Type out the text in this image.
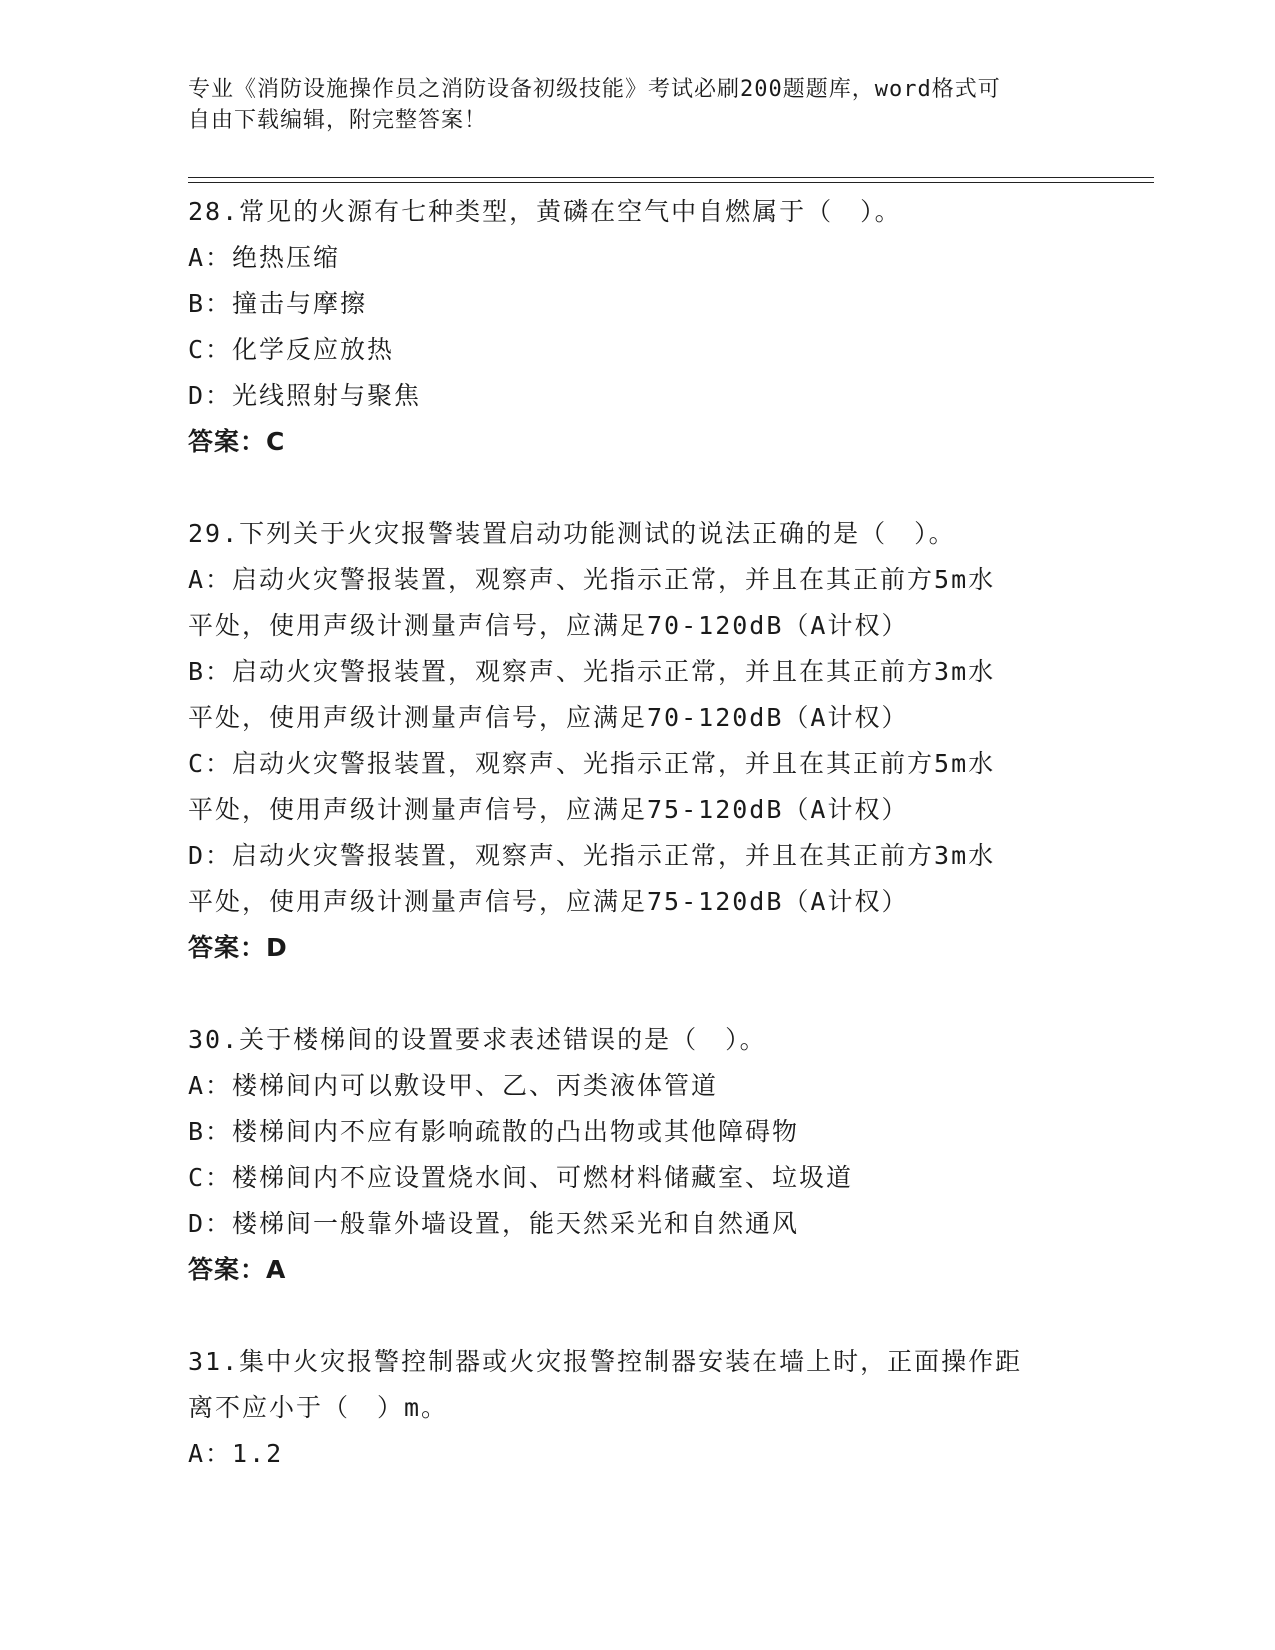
专业《消防设施操作员之消防设备初级技能》考试必刷200题题库，word格式可
自由下载编辑，附完整答案！
28.常见的火源有七种类型，黄磷在空气中自燃属于（　）。
A：绝热压缩
B：撞击与摩擦
C：化学反应放热
D：光线照射与聚焦
答案：C
29.下列关于火灾报警装置启动功能测试的说法正确的是（　）。
A：启动火灾警报装置，观察声、光指示正常，并且在其正前方5m水
平处，使用声级计测量声信号，应满足70-120dB（A计权）
B：启动火灾警报装置，观察声、光指示正常，并且在其正前方3m水
平处，使用声级计测量声信号，应满足70-120dB（A计权）
C：启动火灾警报装置，观察声、光指示正常，并且在其正前方5m水
平处，使用声级计测量声信号，应满足75-120dB（A计权）
D：启动火灾警报装置，观察声、光指示正常，并且在其正前方3m水
平处，使用声级计测量声信号，应满足75-120dB（A计权）
答案：D
30.关于楼梯间的设置要求表述错误的是（　）。
A：楼梯间内可以敷设甲、乙、丙类液体管道
B：楼梯间内不应有影响疏散的凸出物或其他障碍物
C：楼梯间内不应设置烧水间、可燃材料储藏室、垃圾道
D：楼梯间一般靠外墙设置，能天然采光和自然通风
答案：A
31.集中火灾报警控制器或火灾报警控制器安装在墙上时，正面操作距
离不应小于（　）m。
A：1.2
